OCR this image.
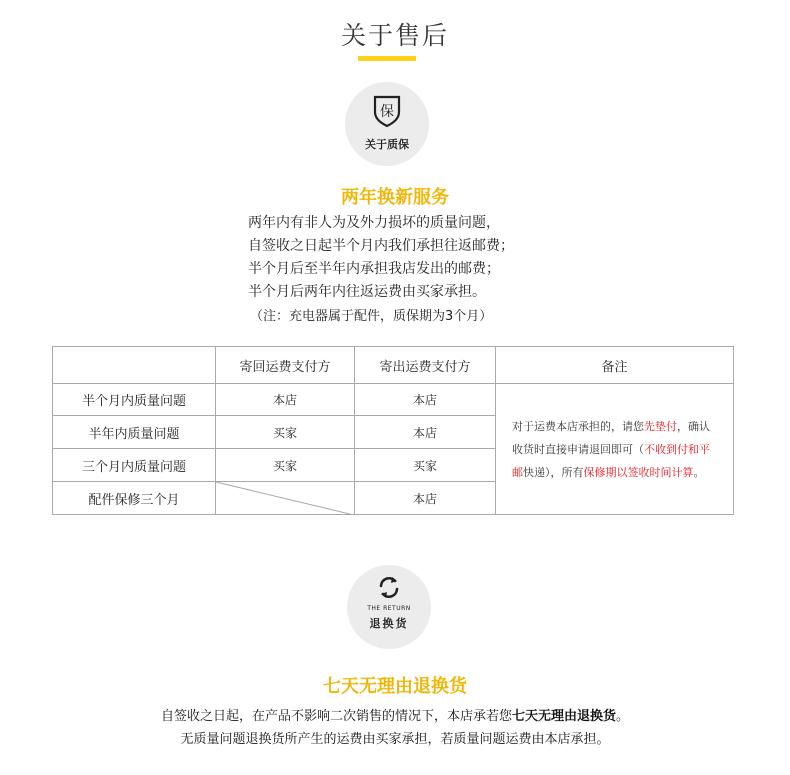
关于售后
保
关于质保
两年换新服务
两年内有非人为及外力损坏的质量问题，
自签收之日起半个月内我们承担往返邮费；
半个月后至半年内承担我店发出的邮费；
半个月后两年内往返运费由买家承担。
（注：充电器属于配件，质保期为3个月）
	寄回运费支付方	寄出运费支付方	备注
半个月内质量问题	本店	本店	对于运费本店承担的，请您先垫付，确认收货时直接申请退回即可（不收到付和平邮快递），所有保修期以签收时间计算。

半年内质量问题	买家	本店	
三个月内质量问题	买家	买家	
配件保修三个月		本店	
THE RETURN
退换货
七天无理由退换货
自签收之日起，在产品不影响二次销售的情况下，本店承若您七天无理由退换货。
无质量问题退换货所产生的运费由买家承担，若质量问题运费由本店承担。
